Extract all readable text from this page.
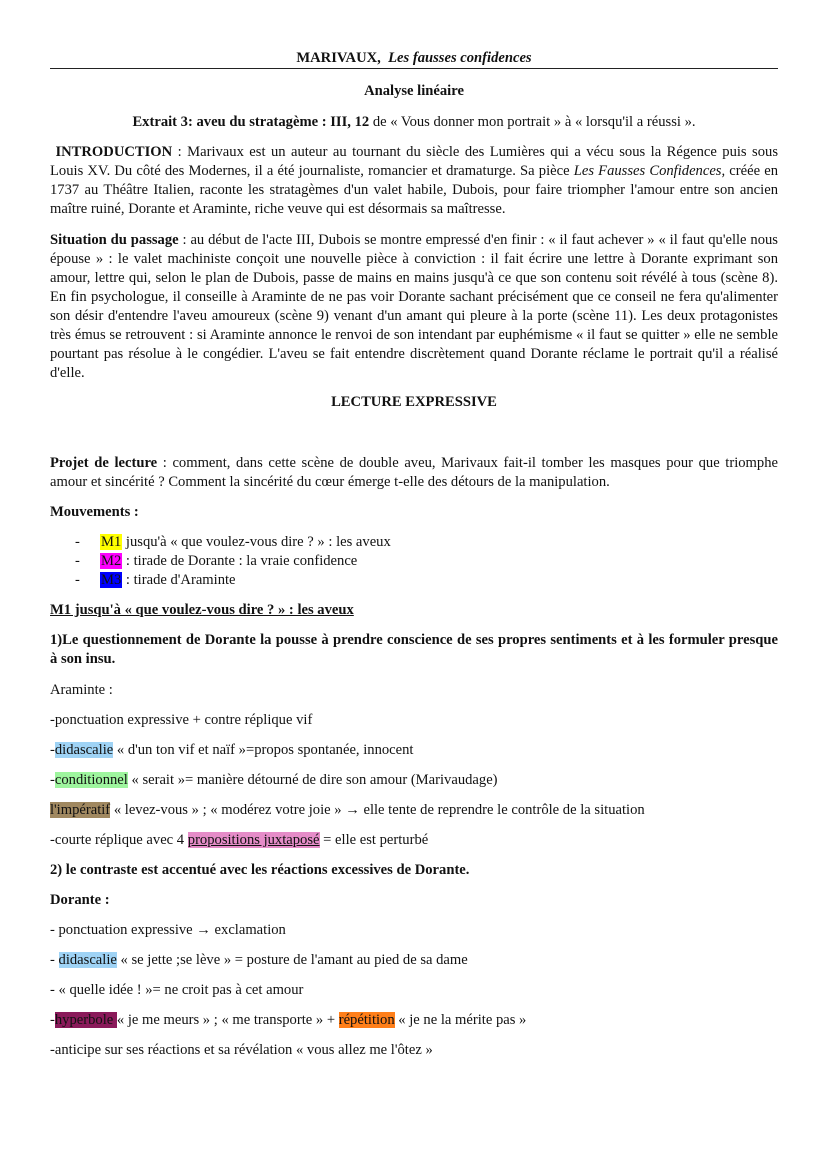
MARIVAUX, Les fausses confidences
Analyse linéaire
Extrait 3: aveu du stratagème : III, 12 de « Vous donner mon portrait » à « lorsqu'il a réussi ».
INTRODUCTION : Marivaux est un auteur au tournant du siècle des Lumières qui a vécu sous la Régence puis sous Louis XV. Du côté des Modernes, il a été journaliste, romancier et dramaturge. Sa pièce Les Fausses Confidences, créée en 1737 au Théâtre Italien, raconte les stratagèmes d'un valet habile, Dubois, pour faire triompher l'amour entre son ancien maître ruiné, Dorante et Araminte, riche veuve qui est désormais sa maîtresse.
Situation du passage : au début de l'acte III, Dubois se montre empressé d'en finir : « il faut achever » « il faut qu'elle nous épouse » : le valet machiniste conçoit une nouvelle pièce à conviction : il fait écrire une lettre à Dorante exprimant son amour, lettre qui, selon le plan de Dubois, passe de mains en mains jusqu'à ce que son contenu soit révélé à tous (scène 8). En fin psychologue, il conseille à Araminte de ne pas voir Dorante sachant précisément que ce conseil ne fera qu'alimenter son désir d'entendre l'aveu amoureux (scène 9) venant d'un amant qui pleure à la porte (scène 11). Les deux protagonistes très émus se retrouvent : si Araminte annonce le renvoi de son intendant par euphémisme « il faut se quitter » elle ne semble pourtant pas résolue à le congédier. L'aveu se fait entendre discrètement quand Dorante réclame le portrait qu'il a réalisé d'elle.
LECTURE EXPRESSIVE
Projet de lecture : comment, dans cette scène de double aveu, Marivaux fait-il tomber les masques pour que triomphe amour et sincérité ? Comment la sincérité du cœur émerge t-elle des détours de la manipulation.
Mouvements :
- M1 jusqu'à « que voulez-vous dire ? » : les aveux
- M2 : tirade de Dorante : la vraie confidence
- M3 : tirade d'Araminte
M1 jusqu'à « que voulez-vous dire ? » : les aveux
1)Le questionnement de Dorante la pousse à prendre conscience de ses propres sentiments et à les formuler presque à son insu.
Araminte :
-ponctuation expressive + contre réplique vif
-didascalie « d'un ton vif et naïf »=propos spontanée, innocent
-conditionnel « serait »= manière détourné de dire son amour (Marivaudage)
l'impératif « levez-vous » ; « modérez votre joie » → elle tente de reprendre le contrôle de la situation
-courte réplique avec 4 propositions juxtaposé = elle est perturbé
2) le contraste est accentué avec les réactions excessives de Dorante.
Dorante :
- ponctuation expressive → exclamation
- didascalie « se jette ;se lève » = posture de l'amant au pied de sa dame
- « quelle idée ! »= ne croit pas à cet amour
-hyperbole « je me meurs » ; « me transporte » + répétition « je ne la mérite pas »
-anticipe sur ses réactions et sa révélation « vous allez me l'ôtez »
